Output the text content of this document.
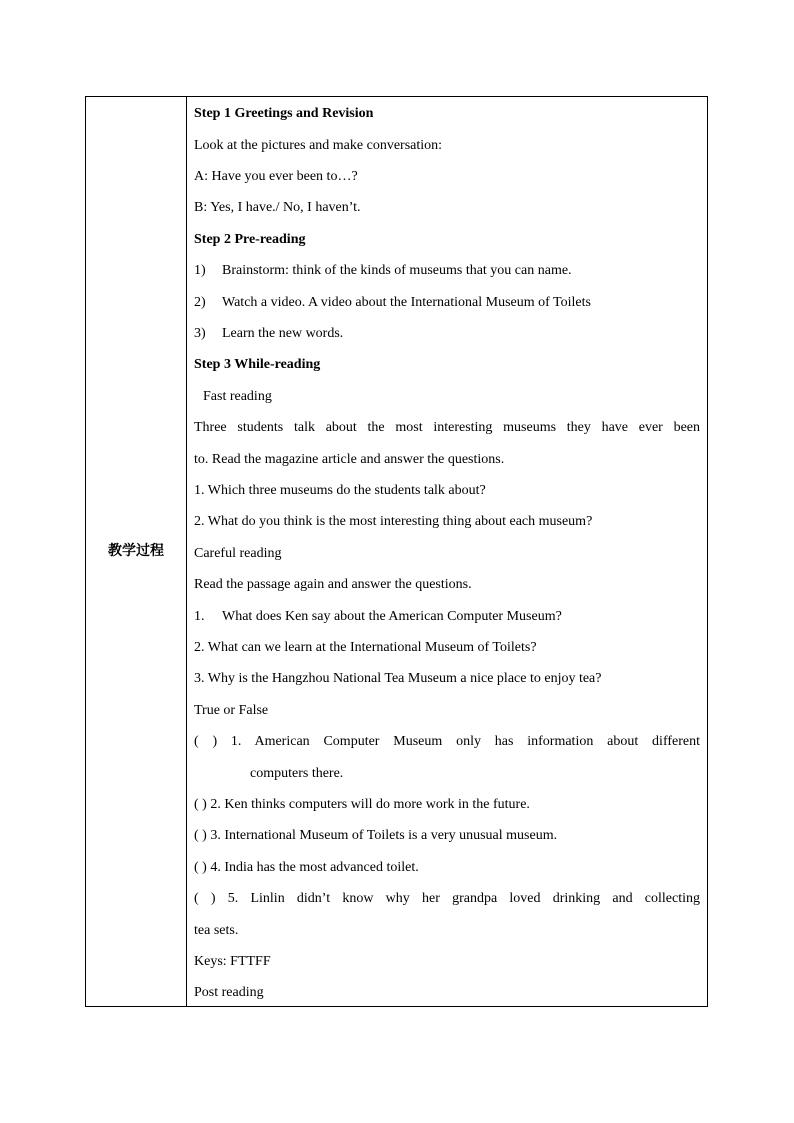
教学过程
Step 1 Greetings and Revision
Look at the pictures and make conversation:
A: Have you ever been to…?
B: Yes, I have./ No, I haven’t.
Step 2 Pre-reading
1) Brainstorm: think of the kinds of museums that you can name.
2) Watch a video. A video about the International Museum of Toilets
3) Learn the new words.
Step 3 While-reading
Fast reading
Three students talk about the most interesting museums they have ever been
to. Read the magazine article and answer the questions.
1. Which three museums do the students talk about?
2. What do you think is the most interesting thing about each museum?
Careful reading
Read the passage again and answer the questions.
1. What does Ken say about the American Computer Museum?
2. What can we learn at the International Museum of Toilets?
3. Why is the Hangzhou National Tea Museum a nice place to enjoy tea?
True or False
( ) 1. American Computer Museum only has information about different
computers there.
( ) 2. Ken thinks computers will do more work in the future.
( ) 3. International Museum of Toilets is a very unusual museum.
( ) 4. India has the most advanced toilet.
( ) 5. Linlin didn’t know why her grandpa loved drinking and collecting
tea sets.
Keys: FTTFF
Post reading
